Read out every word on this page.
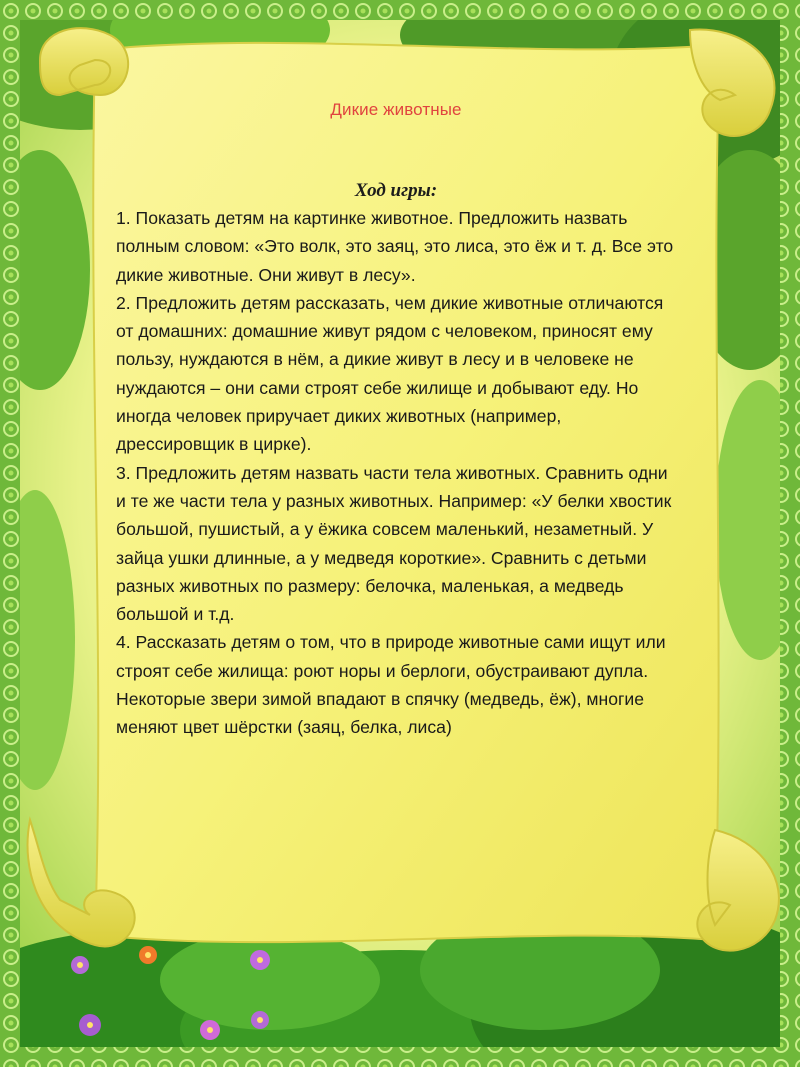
Дикие животные

Ход игры:

1. Показать детям на картинке животное. Предложить назвать полным словом: «Это волк, это заяц, это лиса, это ёж и т. д. Все это дикие животные. Они живут в лесу».

2. Предложить детям рассказать, чем дикие животные отличаются от домашних: домашние живут рядом с человеком, приносят ему пользу, нуждаются в нём, а дикие живут в лесу и в человеке не нуждаются – они сами строят себе жилище и добывают еду. Но иногда человек приручает диких животных (например, дрессировщик в цирке).

3. Предложить детям назвать части тела животных. Сравнить одни и те же части тела у разных животных. Например: «У белки хвостик большой, пушистый, а у ёжика совсем маленький, незаметный. У зайца ушки длинные, а у медведя короткие». Сравнить с детьми разных животных по размеру: белочка, маленькая, а медведь большой и т.д.

4. Рассказать детям о том, что в природе животные сами ищут или строят себе жилища: роют норы и берлоги, обустраивают дупла. Некоторые звери зимой впадают в спячку (медведь, ёж), многие меняют цвет шёрстки (заяц, белка, лиса)
